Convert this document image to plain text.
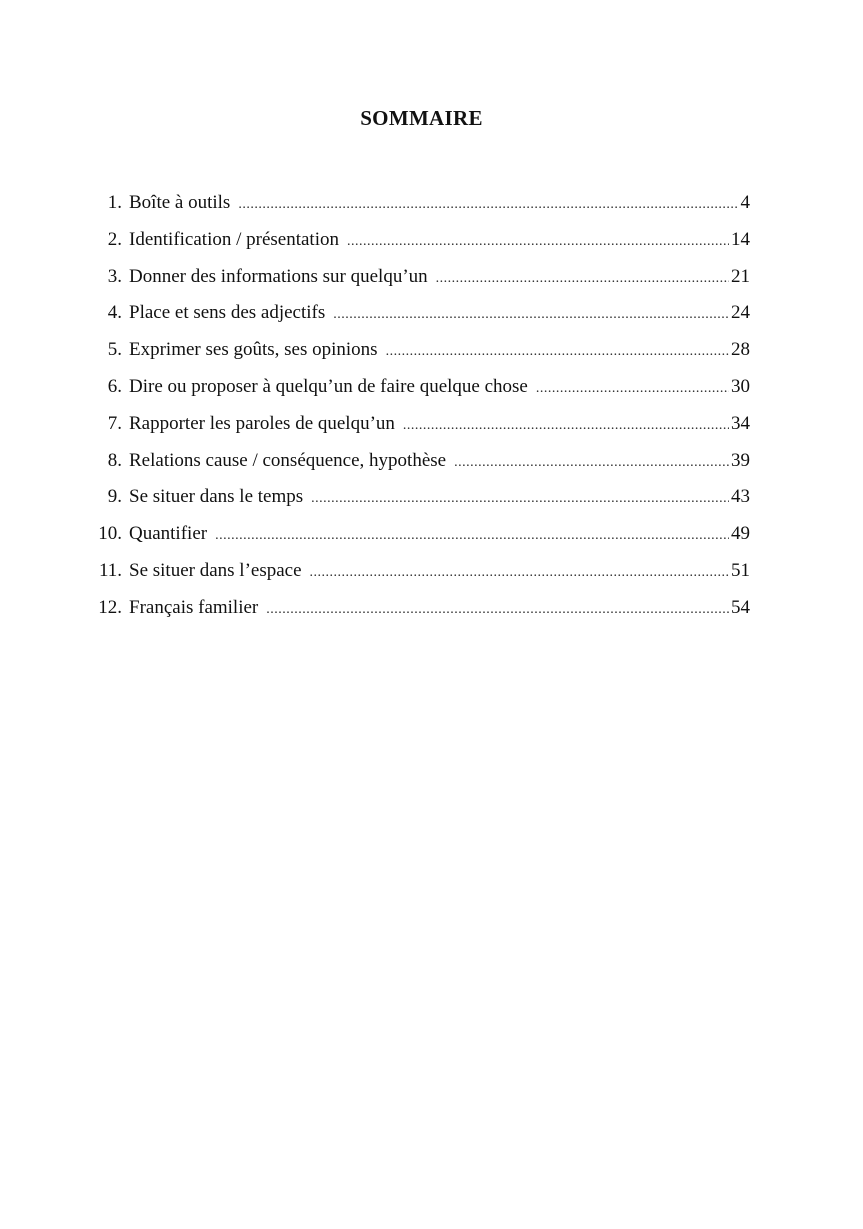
SOMMAIRE
1. Boîte à outils .....	4
2. Identification / présentation .....	14
3. Donner des informations sur quelqu’un .....	21
4. Place et sens des adjectifs .....	24
5. Exprimer ses goûts, ses opinions .....	28
6. Dire ou proposer à quelqu’un de faire quelque chose .....	30
7. Rapporter les paroles de quelqu’un .....	34
8. Relations cause / conséquence, hypothèse .....	39
9. Se situer dans le temps .....	43
10. Quantifier .....	49
11. Se situer dans l’espace .....	51
12. Français familier .....	54
